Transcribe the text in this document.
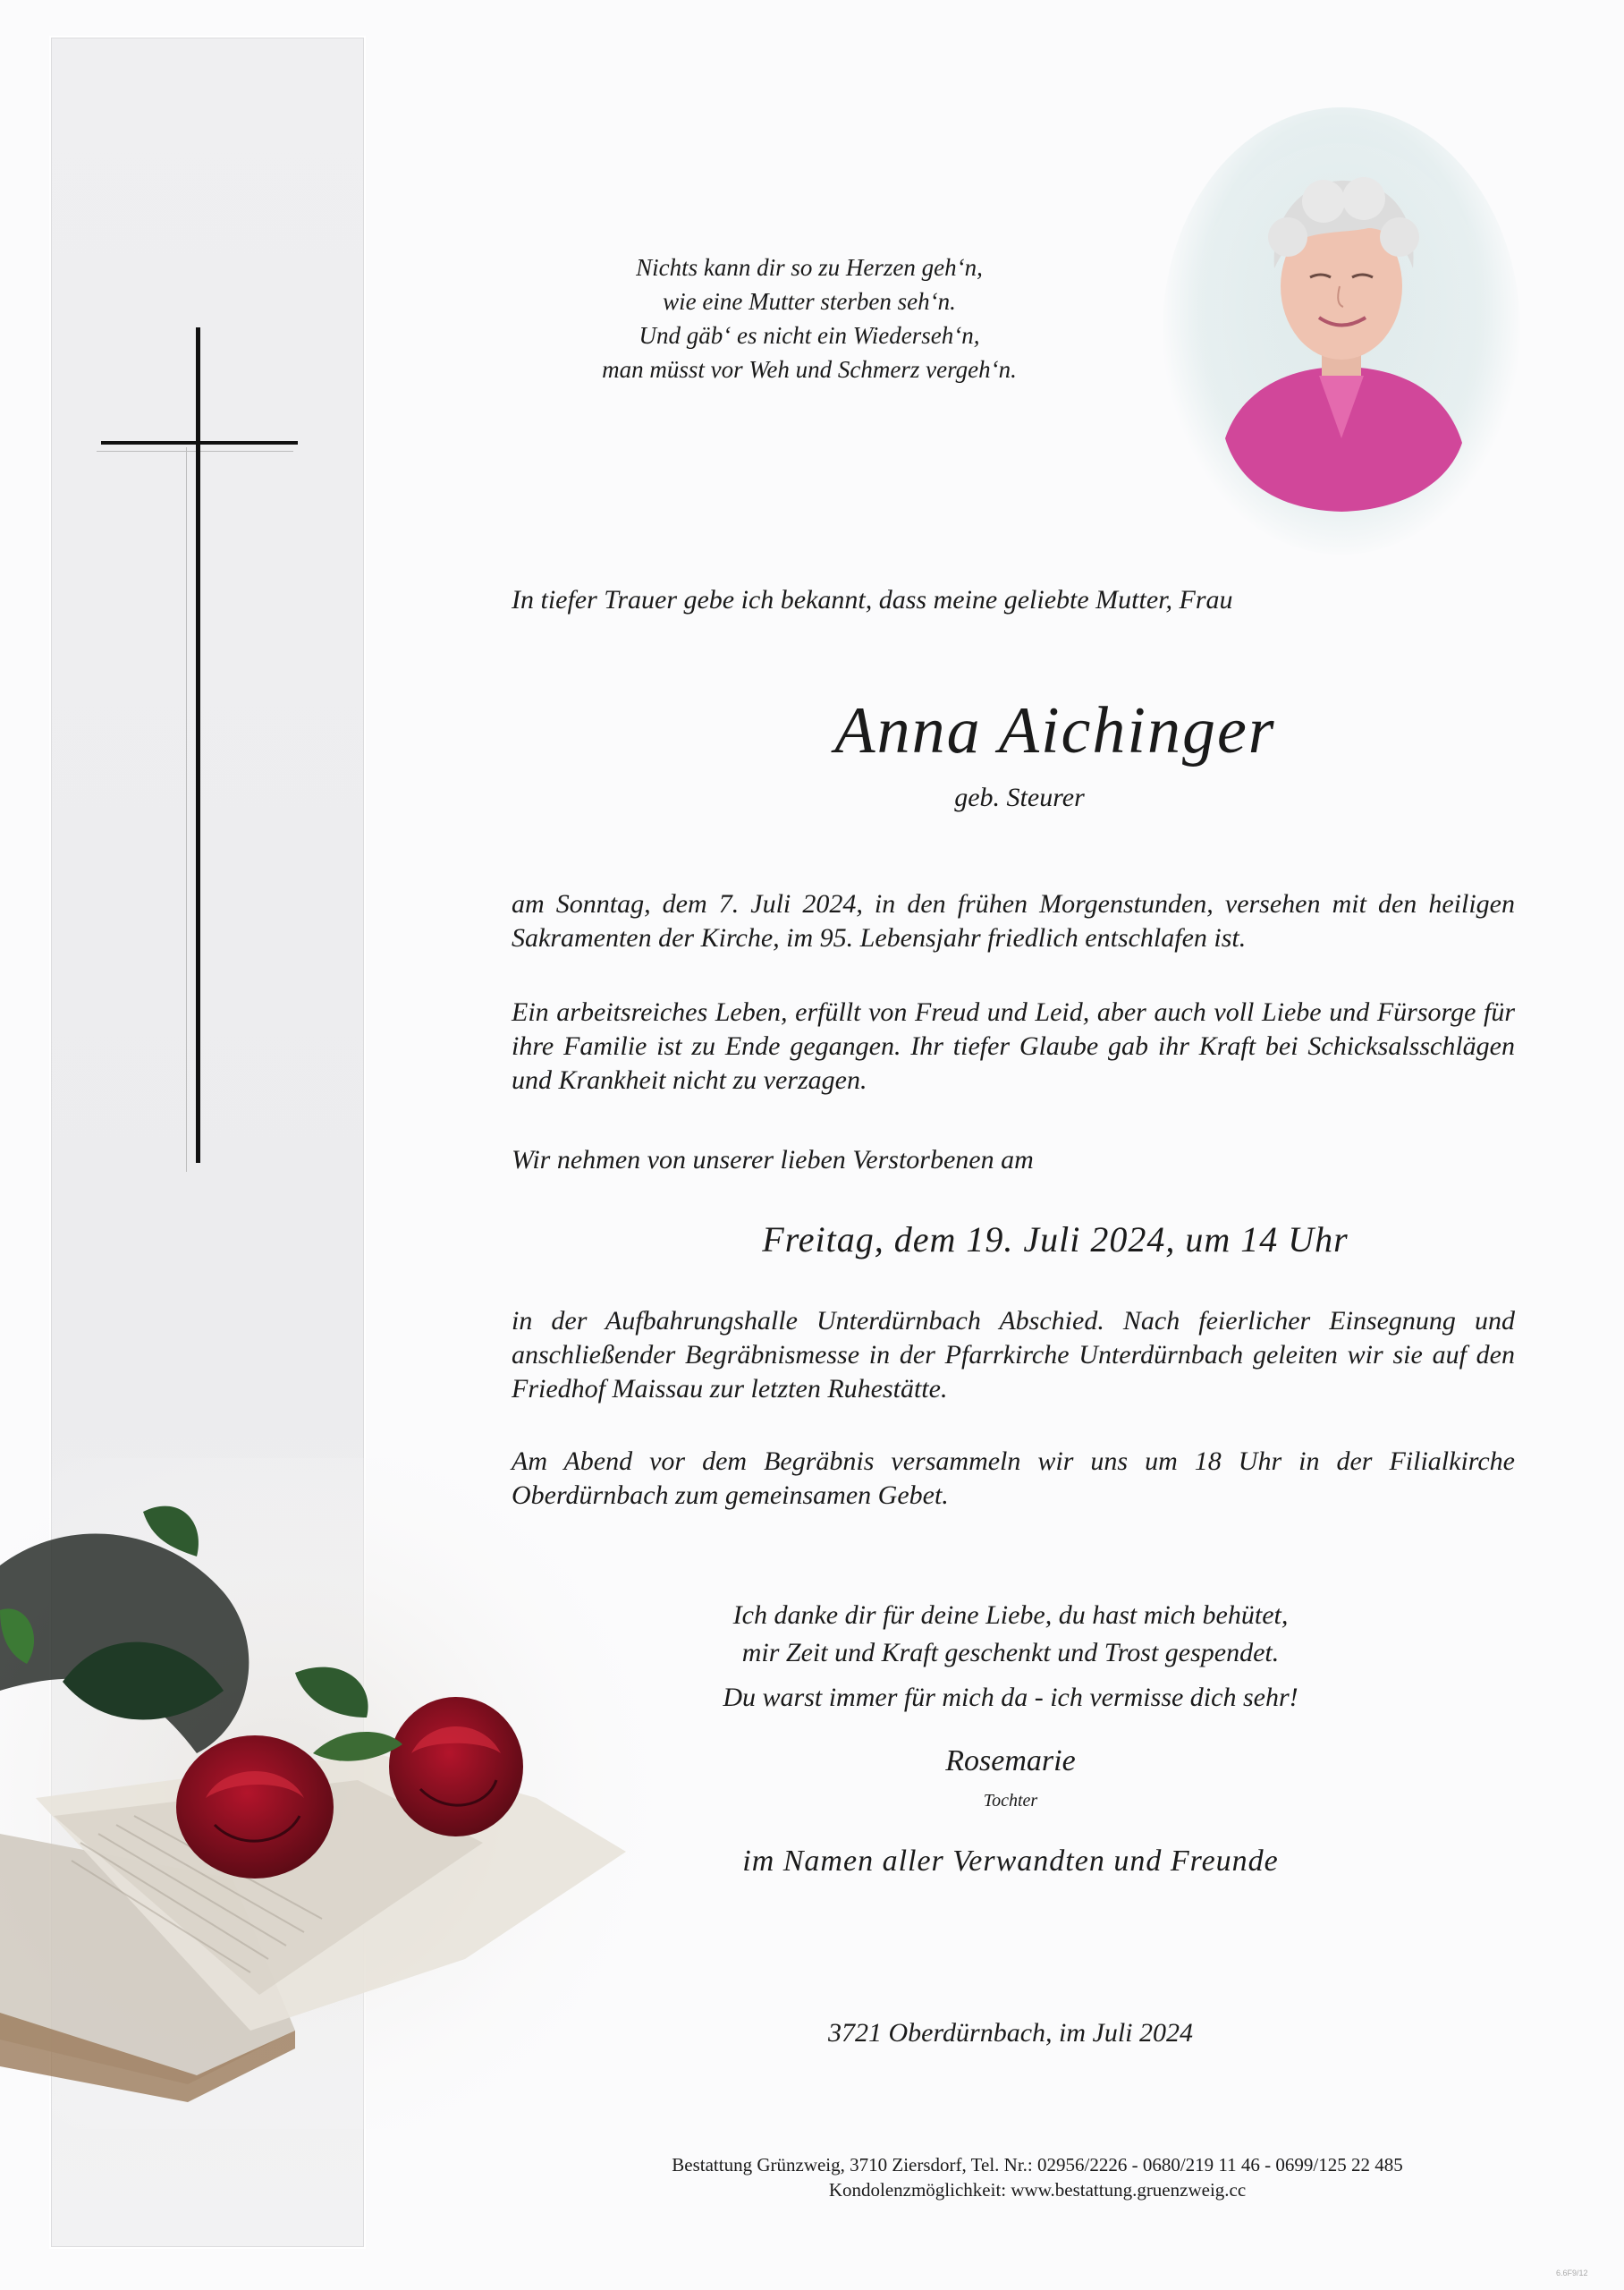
Nichts kann dir so zu Herzen geh‘n,
wie eine Mutter sterben seh‘n.
Und gäb‘ es nicht ein Wiederseh‘n,
man müsst vor Weh und Schmerz vergeh‘n.
In tiefer Trauer gebe ich bekannt, dass meine geliebte Mutter, Frau
Anna Aichinger
geb. Steurer
am Sonntag, dem 7. Juli 2024, in den frühen Morgenstunden, versehen mit den heiligen Sakramenten der Kirche, im 95. Lebensjahr friedlich entschlafen ist.
Ein arbeitsreiches Leben, erfüllt von Freud und Leid, aber auch voll Liebe und Fürsorge für ihre Familie ist zu Ende gegangen. Ihr tiefer Glaube gab ihr Kraft bei Schicksalsschlägen und Krankheit nicht zu verzagen.
Wir nehmen von unserer lieben Verstorbenen am
Freitag, dem 19. Juli 2024, um 14 Uhr
in der Aufbahrungshalle Unterdürnbach Abschied. Nach feierlicher Einsegnung und anschließender Begräbnismesse in der Pfarrkirche Unterdürnbach geleiten wir sie auf den Friedhof Maissau zur letzten Ruhestätte.
Am Abend vor dem Begräbnis versammeln wir uns um 18 Uhr in der Filialkirche Oberdürnbach zum gemeinsamen Gebet.
Ich danke dir für deine Liebe, du hast mich behütet,
mir Zeit und Kraft geschenkt und Trost gespendet.
Du warst immer für mich da - ich vermisse dich sehr!
Rosemarie
Tochter
im Namen aller Verwandten und Freunde
3721 Oberdürnbach, im Juli 2024
Bestattung Grünzweig, 3710 Ziersdorf, Tel. Nr.: 02956/2226 - 0680/219 11 46 - 0699/125 22 485
Kondolenzmöglichkeit: www.bestattung.gruenzweig.cc
6.6F9/12
